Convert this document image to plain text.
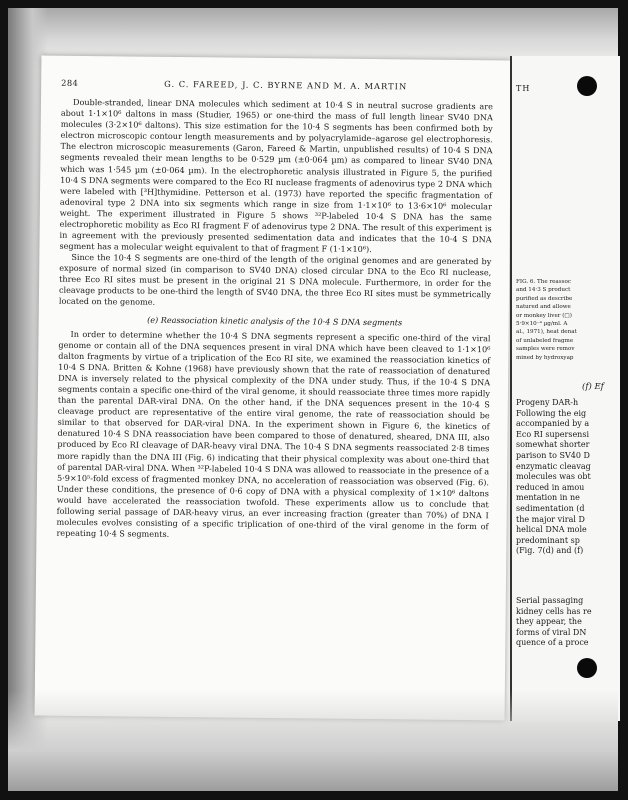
284	G. C. FAREED, J. C. BYRNE AND M. A. MARTIN

Double-stranded, linear DNA molecules which sediment at 10·4 S in neutral sucrose gradients are about 1·1×10⁶ daltons in mass (Studier, 1965) or one-third the mass of full length linear SV40 DNA molecules (3·2×10⁶ daltons). This size estimation for the 10·4 S segments has been confirmed both by electron microscopic contour length measurements and by polyacrylamide–agarose gel electrophoresis. The electron microscopic measurements (Garon, Fareed & Martin, unpublished results) of 10·4 S DNA segments revealed their mean lengths to be 0·529 µm (±0·064 µm) as compared to linear SV40 DNA which was 1·545 µm (±0·064 µm). In the electrophoretic analysis illustrated in Figure 5, the purified 10·4 S DNA segments were compared to the Eco RI nuclease fragments of adenovirus type 2 DNA which were labeled with [³H]thymidine. Petterson et al. (1973) have reported the specific fragmentation of adenoviral type 2 DNA into six segments which range in size from 1·1×10⁶ to 13·6×10⁶ molecular weight. The experiment illustrated in Figure 5 shows ³²P-labeled 10·4 S DNA has the same electrophoretic mobility as Eco RI fragment F of adenovirus type 2 DNA. The result of this experiment is in agreement with the previously presented sedimentation data and indicates that the 10·4 S DNA segment has a molecular weight equivalent to that of fragment F (1·1×10⁶).

Since the 10·4 S segments are one-third of the length of the original genomes and are generated by exposure of normal sized (in comparison to SV40 DNA) closed circular DNA to the Eco RI nuclease, three Eco RI sites must be present in the original 21 S DNA molecule. Furthermore, in order for the cleavage products to be one-third the length of SV40 DNA, the three Eco RI sites must be symmetrically located on the genome.

(e) Reassociation kinetic analysis of the 10·4 S DNA segments

In order to determine whether the 10·4 S DNA segments represent a specific one-third of the viral genome or contain all of the DNA sequences present in viral DNA which have been cleaved to 1·1×10⁶ dalton fragments by virtue of a triplication of the Eco RI site, we examined the reassociation kinetics of 10·4 S DNA. Britten & Kohne (1968) have previously shown that the rate of reassociation of denatured DNA is inversely related to the physical complexity of the DNA under study. Thus, if the 10·4 S DNA segments contain a specific one-third of the viral genome, it should reassociate three times more rapidly than the parental DAR-viral DNA. On the other hand, if the DNA sequences present in the 10·4 S cleavage product are representative of the entire viral genome, the rate of reassociation should be similar to that observed for DAR-viral DNA. In the experiment shown in Figure 6, the kinetics of denatured 10·4 S DNA reassociation have been compared to those of denatured, sheared, DNA III, also produced by Eco RI cleavage of DAR-heavy viral DNA. The 10·4 S DNA segments reassociated 2·8 times more rapidly than the DNA III (Fig. 6) indicating that their physical complexity was about one-third that of parental DAR-viral DNA. When ³²P-labeled 10·4 S DNA was allowed to reassociate in the presence of a 5·9×10⁵-fold excess of fragmented monkey DNA, no acceleration of reassociation was observed (Fig. 6). Under these conditions, the presence of 0·6 copy of DNA with a physical complexity of 1×10⁶ daltons would have accelerated the reassociation twofold. These experiments allow us to conclude that following serial passage of DAR-heavy virus, an ever increasing fraction (greater than 70%) of DNA I molecules evolves consisting of a specific triplication of one-third of the viral genome in the form of repeating 10·4 S segments.

TH
FIG. 6. The reassoc
and 14·3 S product
purified as describe
natured and allowe
or monkey liver (□)
5·9×10⁻⁴ µg/ml. A
al., 1971), heat denat
of unlabeled fragme
samples were remov
mined by hydroxyap
(f) Ef
Progeny DAR-h
Following the eig
accompanied by a
Eco RI supersensi
somewhat shorter
parison to SV40 D
enzymatic cleavag
molecules was obt
reduced in amou
mentation in ne
sedimentation (d
the major viral D
helical DNA mole
predominant sp
(Fig. 7(d) and (f)
Serial passaging
kidney cells has re
they appear, the
forms of viral DN
quence of a proce
